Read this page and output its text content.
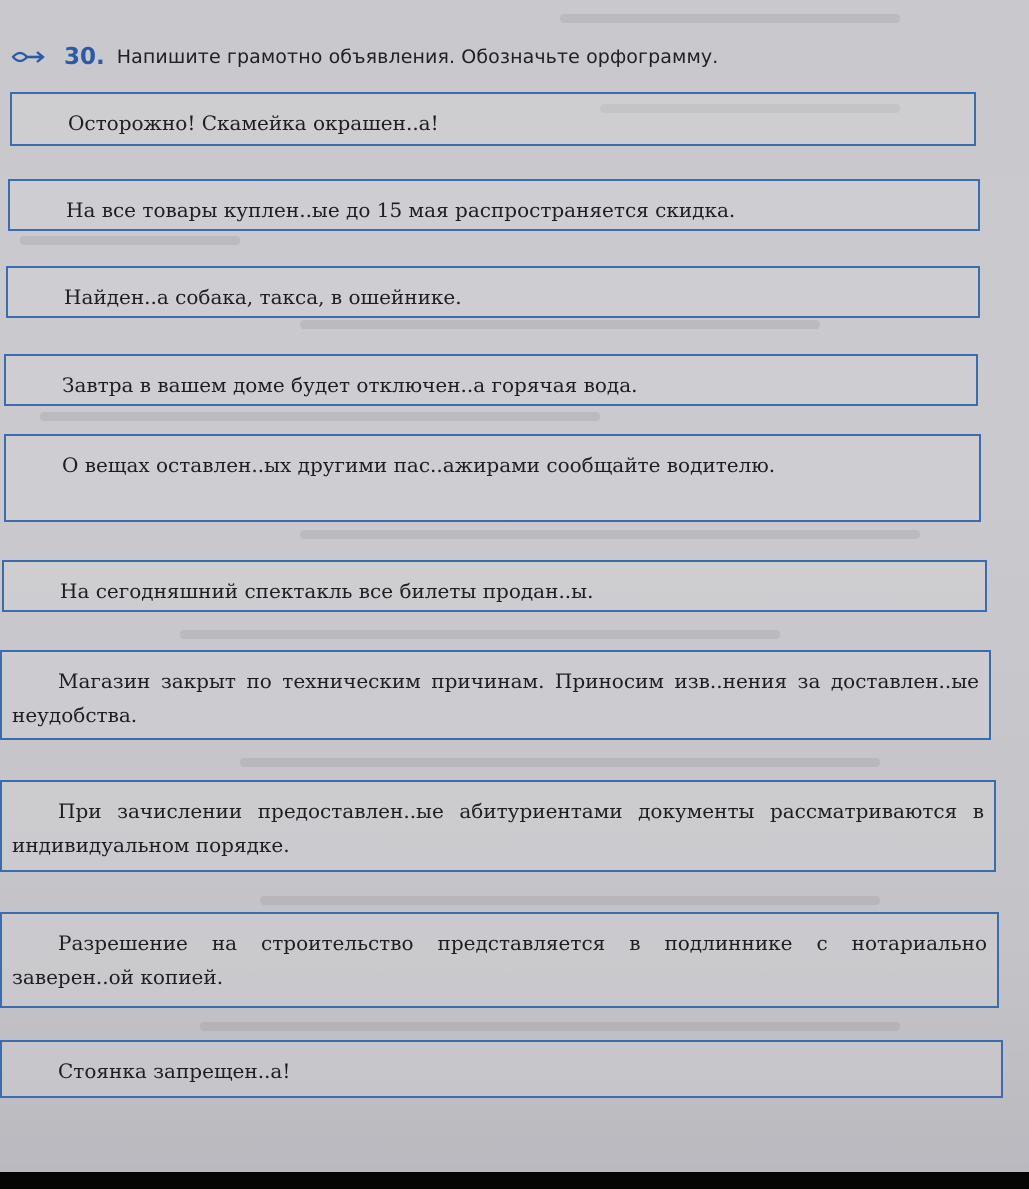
30. Напишите грамотно объявления. Обозначьте орфограмму.
Осторожно! Скамейка окрашен..а!
На все товары куплен..ые до 15 мая распространяется скидка.
Найден..а собака, такса, в ошейнике.
Завтра в вашем доме будет отключен..а горячая вода.
О вещах оставлен..ых другими пас..ажирами сообщайте водителю.
На сегодняшний спектакль все билеты продан..ы.
Магазин закрыт по техническим причинам. Приносим изв..нения за доставлен..ые неудобства.
При зачислении предоставлен..ые абитуриентами документы рассматриваются в индивидуальном порядке.
Разрешение на строительство представляется в подлиннике с нотариально заверен..ой копией.
Стоянка запрещен..а!
